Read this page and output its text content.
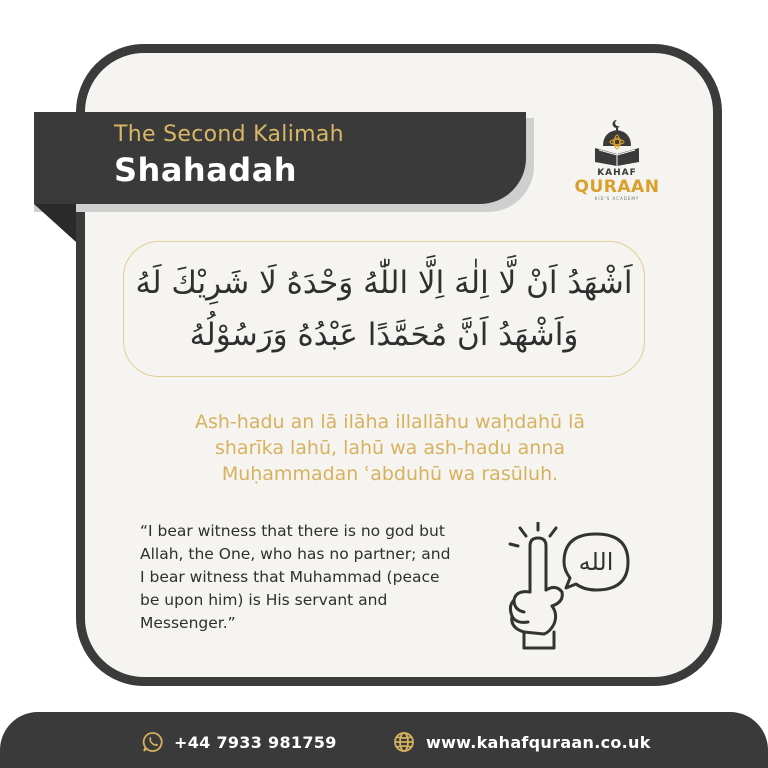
The Second Kalimah
Shahadah	KAHAF
QURAAN
KID'S ACADEMY
اَشْهَدُ اَنْ لَّا اِلٰهَ اِلَّا اللّٰهُ وَحْدَهُ لَا شَرِيْكَ لَهُ
وَاَشْهَدُ اَنَّ مُحَمَّدًا عَبْدُهُ وَرَسُوْلُهُ
Ash-hadu an lā ilāha illallāhu waḥdahū lā
sharīka lahū, lahū wa ash-hadu anna
Muḥammadan ʿabduhū wa rasūluh.
“I bear witness that there is no god but
Allah, the One, who has no partner; and
I bear witness that Muhammad (peace
be upon him) is His servant and
Messenger.”
الله
+44 7933 981759	www.kahafquraan.co.uk
